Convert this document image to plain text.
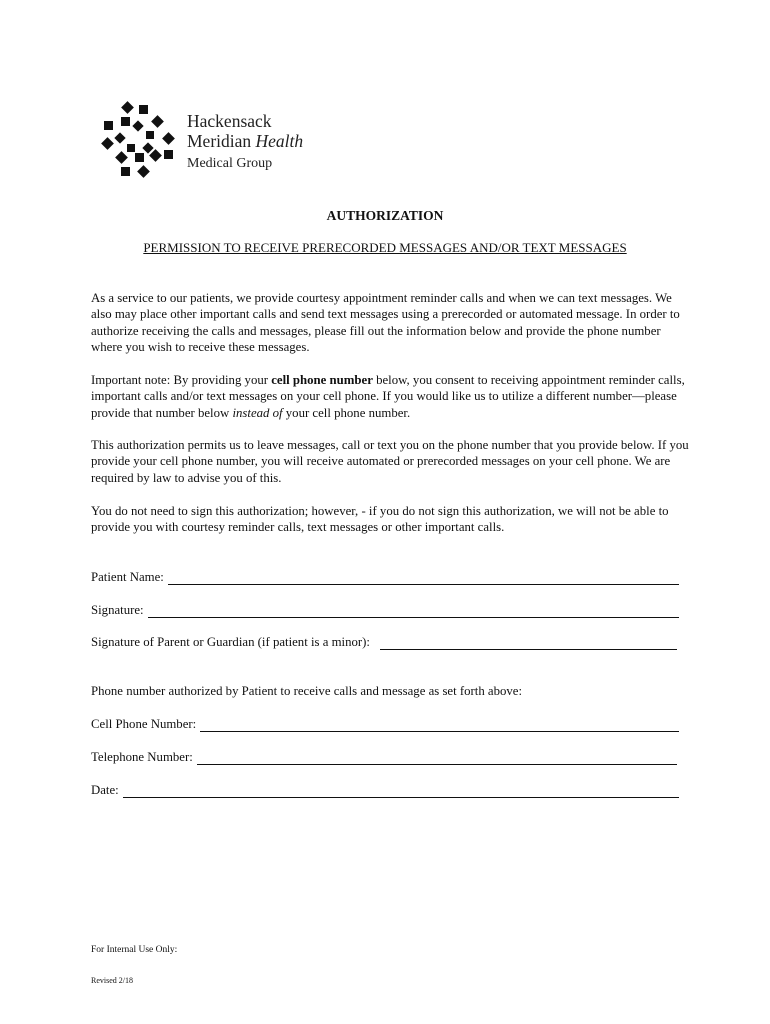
Hackensack
Meridian Health
Medical Group
AUTHORIZATION
PERMISSION TO RECEIVE PRERECORDED MESSAGES AND/OR TEXT MESSAGES

As a service to our patients, we provide courtesy appointment reminder calls and when we can text messages. We also may place other important calls and send text messages using a prerecorded or automated message. In order to authorize receiving the calls and messages, please fill out the information below and provide the phone number where you wish to receive these messages.

Important note: By providing your cell phone number below, you consent to receiving appointment reminder calls, important calls and/or text messages on your cell phone. If you would like us to utilize a different number—please provide that number below instead of your cell phone number.

This authorization permits us to leave messages, call or text you on the phone number that you provide below. If you provide your cell phone number, you will receive automated or prerecorded messages on your cell phone. We are required by law to advise you of this.

You do not need to sign this authorization; however, - if you do not sign this authorization, we will not be able to provide you with courtesy reminder calls, text messages or other important calls.

Patient Name:
Signature:
Signature of Parent or Guardian (if patient is a minor):

Phone number authorized by Patient to receive calls and message as set forth above:

Cell Phone Number:
Telephone Number:
Date:
For Internal Use Only:
Revised 2/18
